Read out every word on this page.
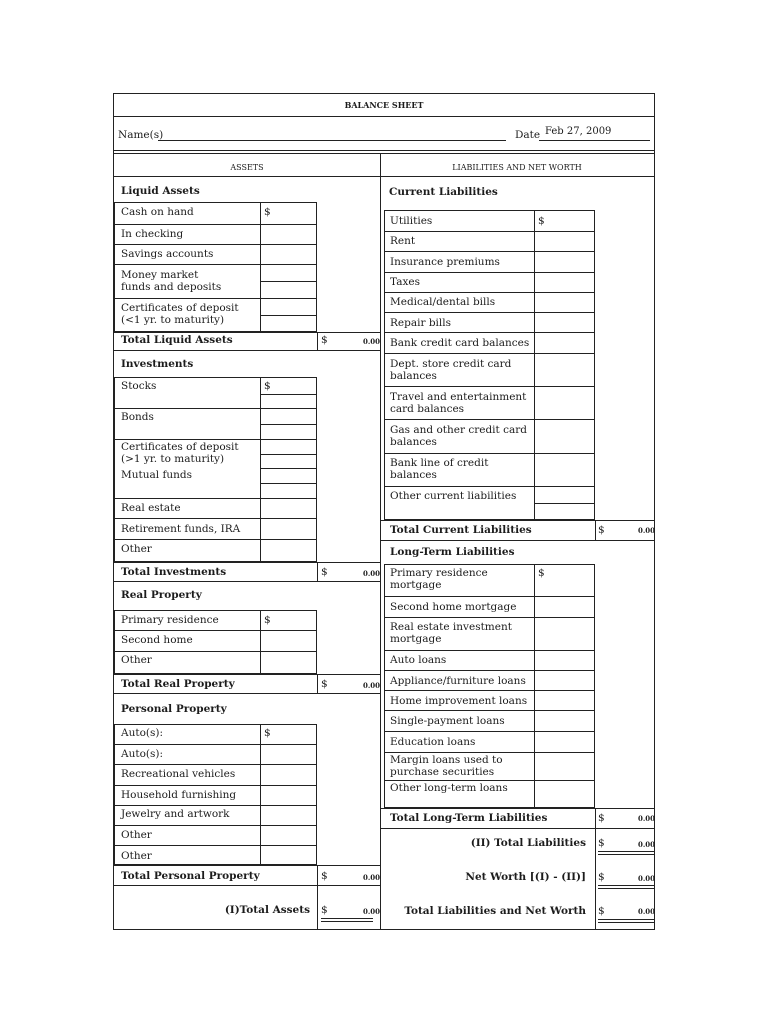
BALANCE SHEET
Name(s)	Date Feb 27, 2009
ASSETS	LIABILITIES AND NET WORTH
Liquid Assets
Cash on hand	$
In checking
Savings accounts
Money market
funds and deposits
Certificates of deposit
(<1 yr. to maturity)
Total Liquid Assets	$	0.00
Investments
Stocks	$
Bonds
Certificates of deposit
(>1 yr. to maturity)
Mutual funds
Real estate
Retirement funds, IRA
Other
Total Investments	$	0.00
Real Property
Primary residence	$
Second home
Other
Total Real Property	$	0.00
Personal Property
Auto(s):	$
Auto(s):
Recreational vehicles
Household furnishing
Jewelry and artwork
Other
Other
Total Personal Property	$	0.00
(I)Total Assets $	0.00
Current Liabilities
Utilities	$
Rent
Insurance premiums
Taxes
Medical/dental bills
Repair bills
Bank credit card balances
Dept. store credit card
balances
Travel and entertainment
card balances
Gas and other credit card
balances
Bank line of credit
balances
Other current liabilities
Total Current Liabilities	$	0.00
Long-Term Liabilities
Primary residence
mortgage
$
Second home mortgage
Real estate investment
mortgage
Auto loans
Appliance/furniture loans
Home improvement loans
Single-payment loans
Education loans
Margin loans used to
purchase securities
Other long-term loans
Total Long-Term Liabilities	$	0.00
(II) Total Liabilities $	0.00
Net Worth [(I) - (II)] $	0.00
Total Liabilities and Net Worth $	0.00
